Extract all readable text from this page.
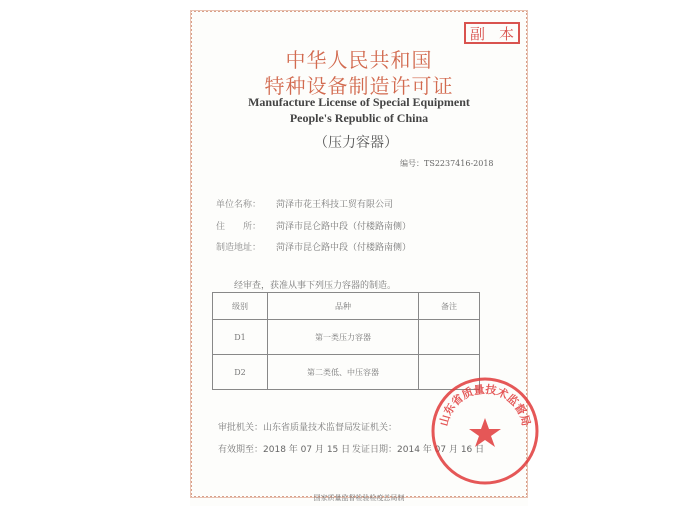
副 本
中华人民共和国
特种设备制造许可证
Manufacture License of Special Equipment
People's Republic of China
（压力容器）
编号：TS2237416-2018
单位名称： 菏泽市花王科技工贸有限公司
住　　所： 菏泽市昆仑路中段（付楼路南侧）
制造地址： 菏泽市昆仑路中段（付楼路南侧）
经审查，获准从事下列压力容器的制造。
级别	品种	备注
D1	第一类压力容器	
D2	第二类低、中压容器	
审批机关：山东省质量技术监督局
有效期至：2018 年 07 月 15 日
发证机关：
发证日期：2014 年 07 月 16 日
山东省质量技术监督局
国家质量监督检验检疫总局制
